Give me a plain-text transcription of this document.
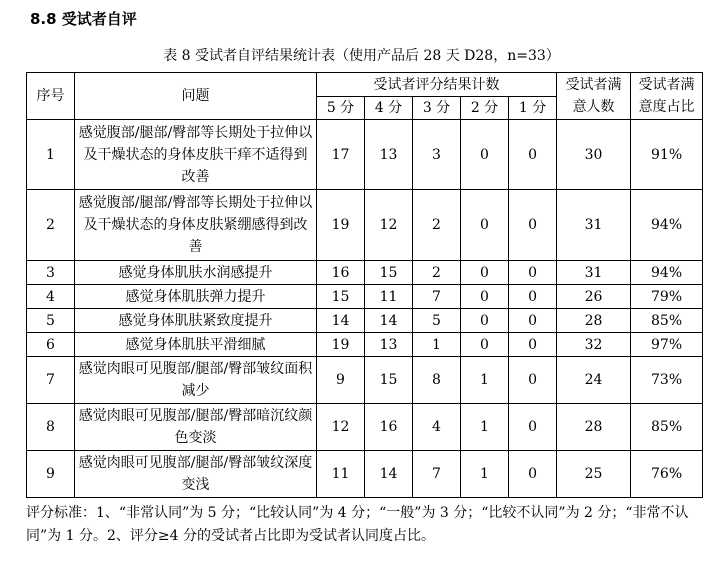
8.8 受试者自评
表 8 受试者自评结果统计表（使用产品后 28 天 D28，n=33）
序号	问题	受试者评分结果计数					受试者满意人数	受试者满意度占比
		5 分	4 分	3 分	2 分	1 分		
1	感觉腹部/腿部/臀部等长期处于拉伸以及干燥状态的身体皮肤干痒不适得到改善	17	13	3	0	0	30	91%
2	感觉腹部/腿部/臀部等长期处于拉伸以及干燥状态的身体皮肤紧绷感得到改善	19	12	2	0	0	31	94%
3	感觉身体肌肤水润感提升	16	15	2	0	0	31	94%
4	感觉身体肌肤弹力提升	15	11	7	0	0	26	79%
5	感觉身体肌肤紧致度提升	14	14	5	0	0	28	85%
6	感觉身体肌肤平滑细腻	19	13	1	0	0	32	97%
7	感觉肉眼可见腹部/腿部/臀部皱纹面积减少	9	15	8	1	0	24	73%
8	感觉肉眼可见腹部/腿部/臀部暗沉纹颜色变淡	12	16	4	1	0	28	85%
9	感觉肉眼可见腹部/腿部/臀部皱纹深度变浅	11	14	7	1	0	25	76%
评分标准：1、“非常认同”为 5 分；“比较认同”为 4 分；“一般”为 3 分；“比较不认同”为 2 分；“非常不认同”为 1 分。2、评分≥4 分的受试者占比即为受试者认同度占比。
